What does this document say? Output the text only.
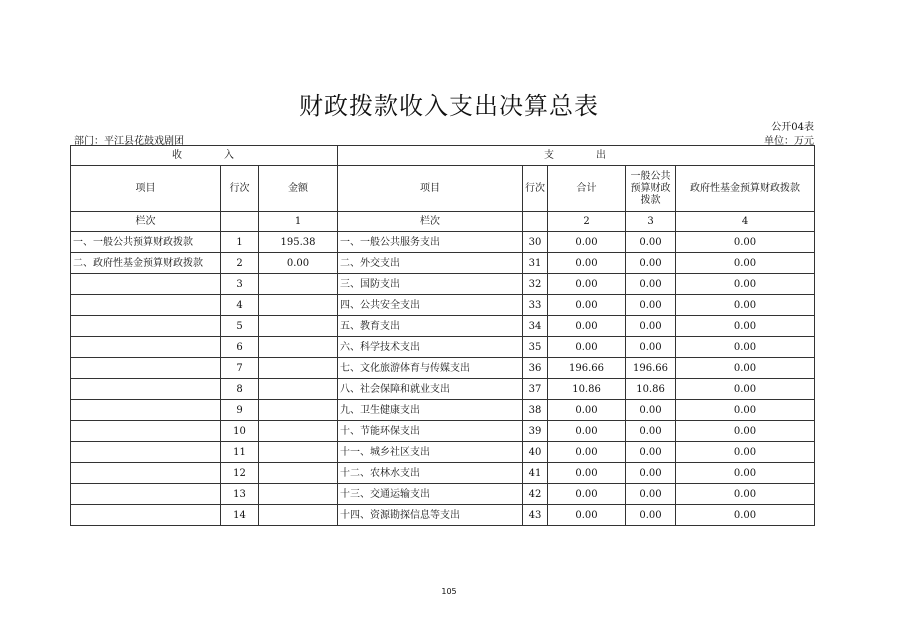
财政拨款收入支出决算总表
公开04表
部门：平江县花鼓戏剧团	单位：万元
收 入			支 出				
项目	行次	金额	项目	行次	合计	一般公共预算财政拨款	政府性基金预算财政拨款
栏次		1	栏次		2	3	4
一、一般公共预算财政拨款	1	195.38	一、一般公共服务支出	30	0.00	0.00	0.00
二、政府性基金预算财政拨款	2	0.00	二、外交支出	31	0.00	0.00	0.00
	3		三、国防支出	32	0.00	0.00	0.00
	4		四、公共安全支出	33	0.00	0.00	0.00
	5		五、教育支出	34	0.00	0.00	0.00
	6		六、科学技术支出	35	0.00	0.00	0.00
	7		七、文化旅游体育与传媒支出	36	196.66	196.66	0.00
	8		八、社会保障和就业支出	37	10.86	10.86	0.00
	9		九、卫生健康支出	38	0.00	0.00	0.00
	10		十、节能环保支出	39	0.00	0.00	0.00
	11		十一、城乡社区支出	40	0.00	0.00	0.00
	12		十二、农林水支出	41	0.00	0.00	0.00
	13		十三、交通运输支出	42	0.00	0.00	0.00
	14		十四、资源勘探信息等支出	43	0.00	0.00	0.00
105
